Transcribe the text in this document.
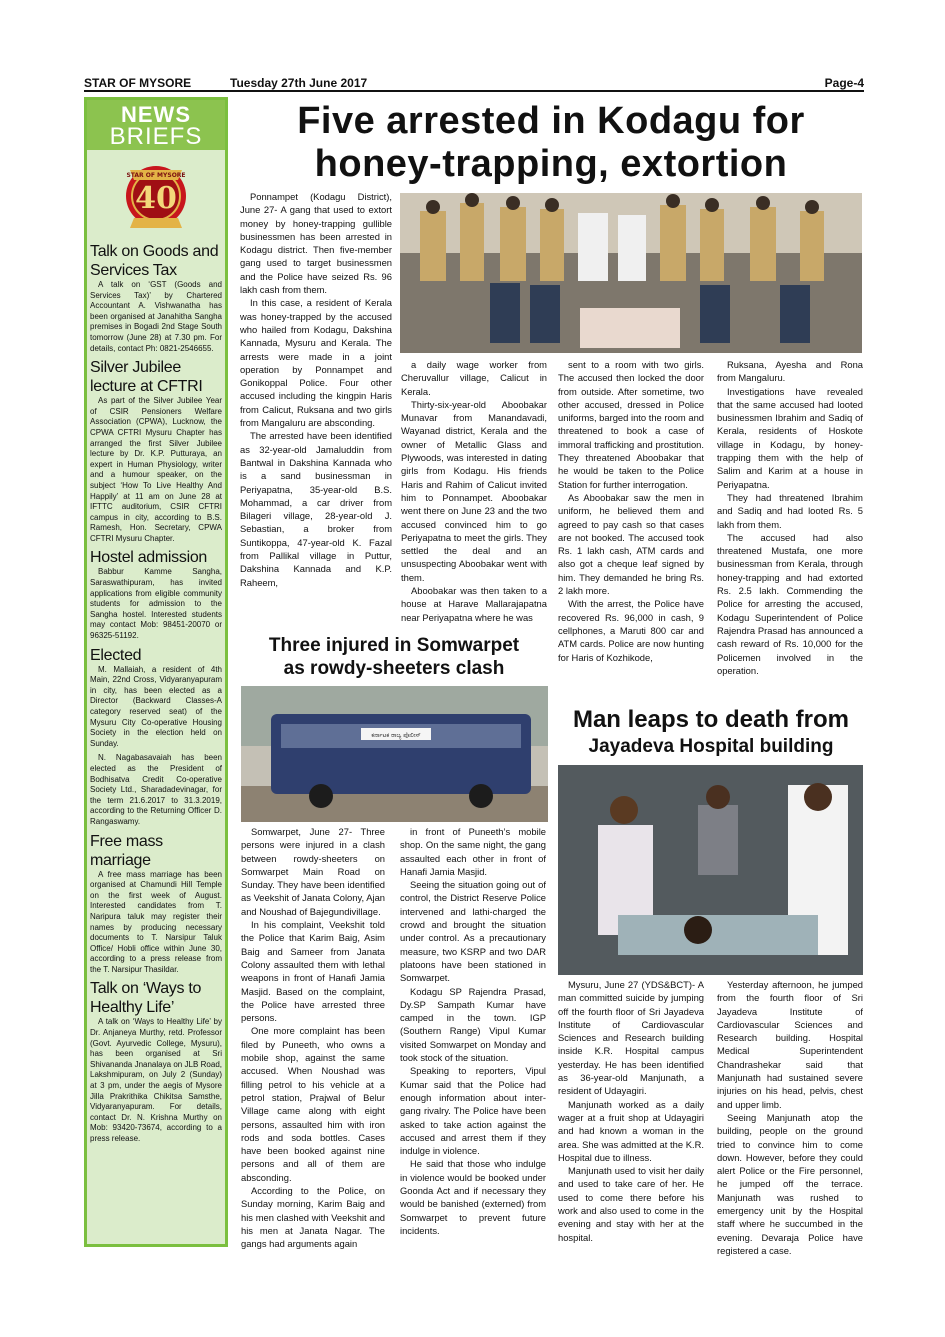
STAR OF MYSORE	Tuesday 27th June 2017	Page-4
NEWS
BRIEFS
STAR OF MYSORE
40
Talk on Goods and Services Tax
A talk on ‘GST (Goods and Services Tax)’ by Chartered Accountant A. Vishwanatha has been organised at Janahitha Sangha premises in Bogadi 2nd Stage South tomorrow (June 28) at 7.30 pm. For details, contact Ph: 0821-2546655.
Silver Jubilee lecture at CFTRI
As part of the Silver Jubilee Year of CSIR Pensioners Welfare Association (CPWA), Lucknow, the CPWA CFTRI Mysuru Chapter has arranged the first Silver Jubilee lecture by Dr. K.P. Putturaya, an expert in Human Physiology, writer and a humour speaker, on the subject ‘How To Live Healthy And Happily’ at 11 am on June 28 at IFTTC auditorium, CSIR CFTRI campus in city, according to B.S. Ramesh, Hon. Secretary, CPWA CFTRI Mysuru Chapter.
Hostel admission
Babbur Kamme Sangha, Saraswathipuram, has invited applications from eligible community students for admission to the Sangha hostel. Interested students may contact Mob: 98451-20070 or 96325-51192.
Elected
M. Mallaiah, a resident of 4th Main, 22nd Cross, Vidyaranyapuram in city, has been elected as a Director (Backward Classes-A category reserved seat) of the Mysuru City Co-operative Housing Society in the election held on Sunday.
N. Nagabasavaiah has been elected as the President of Bodhisatva Credit Co-operative Society Ltd., Sharadadevinagar, for the term 21.6.2017 to 31.3.2019, according to the Returning Officer D. Rangaswamy.
Free mass marriage
A free mass marriage has been organised at Chamundi Hill Temple on the first week of August. Interested candidates from T. Naripura taluk may register their names by producing necessary documents to T. Narsipur Taluk Office/ Hobli office within June 30, according to a press release from the T. Narsipur Thasildar.
Talk on ‘Ways to Healthy Life’
A talk on ‘Ways to Healthy Life’ by Dr. Anjaneya Murthy, retd. Professor (Govt. Ayurvedic College, Mysuru), has been organised at Sri Shivananda Jnanalaya on JLB Road, Lakshmipuram, on July 2 (Sunday) at 3 pm, under the aegis of Mysore Jilla Prakrithika Chikitsa Samsthe, Vidyaranyapuram. For details, contact Dr. N. Krishna Murthy on Mob: 93420-73674, according to a press release.
Five arrested in Kodagu for
honey-trapping, extortion

Ponnampet (Kodagu District), June 27- A gang that used to extort money by honey-trapping gullible businessmen has been arrested in Kodagu district. Then five-member gang used to target businessmen and the Police have seized Rs. 96 lakh cash from them.

In this case, a resident of Kerala was honey-trapped by the accused who hailed from Kodagu, Dakshina Kannada, Mysuru and Kerala. The arrests were made in a joint operation by Ponnampet and Gonikoppal Police. Four other accused including the kingpin Haris from Calicut, Ruksana and two girls from Mangaluru are absconding.

The arrested have been identified as 32-year-old Jamaluddin from Bantwal in Dakshina Kannada who is a sand businessman in Periyapatna, 35-year-old B.S. Mohammad, a car driver from Bilageri village, 28-year-old J. Sebastian, a broker from Suntikoppa, 47-year-old K. Fazal from Pallikal village in Puttur, Dakshina Kannada and K.P. Raheem,

a daily wage worker from Cheruvallur village, Calicut in Kerala.

Thirty-six-year-old Aboobakar Munavar from Manandavadi, Wayanad district, Kerala and the owner of Metallic Glass and Plywoods, was interested in dating girls from Kodagu. His friends Haris and Rahim of Calicut invited him to Ponnampet. Aboobakar went there on June 23 and the two accused convinced him to go Periyapatna to meet the girls. They settled the deal and an unsuspecting Aboobakar went with them.

Aboobakar was then taken to a house at Harave Mallarajapatna near Periyapatna where he was

sent to a room with two girls. The accused then locked the door from outside. After sometime, two other accused, dressed in Police uniforms, barged into the room and threatened to book a case of immoral trafficking and prostitution. They threatened Aboobakar that he would be taken to the Police Station for further interrogation.

As Aboobakar saw the men in uniform, he believed them and agreed to pay cash so that cases are not booked. The accused took Rs. 1 lakh cash, ATM cards and also got a cheque leaf signed by him. They demanded he bring Rs. 2 lakh more.

With the arrest, the Police have recovered Rs. 96,000 in cash, 9 cellphones, a Maruti 800 car and ATM cards. Police are now hunting for Haris of Kozhikode,

Ruksana, Ayesha and Rona from Mangaluru.

Investigations have revealed that the same accused had looted businessmen Ibrahim and Sadiq of Kerala, residents of Hoskote village in Kodagu, by honey-trapping them with the help of Salim and Karim at a house in Periyapatna.

They had threatened Ibrahim and Sadiq and had looted Rs. 5 lakh from them.

The accused had also threatened Mustafa, one more businessman from Kerala, through honey-trapping and had extorted Rs. 2.5 lakh. Commending the Police for arresting the accused, Kodagu Superintendent of Police Rajendra Prasad has announced a cash reward of Rs. 10,000 for the Policemen involved in the operation.

Three injured in Somwarpet
as rowdy-sheeters clash
ಕರ್ನಾಟಕ ರಾಜ್ಯ ಪೊಲೀಸ್

Somwarpet, June 27- Three persons were injured in a clash between rowdy-sheeters on Somwarpet Main Road on Sunday. They have been identified as Veekshit of Janata Colony, Ajan and Noushad of Bajegundivillage.

In his complaint, Veekshit told the Police that Karim Baig, Asim Baig and Sameer from Janata Colony assaulted them with lethal weapons in front of Hanafi Jamia Masjid. Based on the complaint, the Police have arrested three persons.

One more complaint has been filed by Puneeth, who owns a mobile shop, against the same accused. When Noushad was filling petrol to his vehicle at a petrol station, Prajwal of Belur Village came along with eight persons, assaulted him with iron rods and soda bottles. Cases have been booked against nine persons and all of them are absconding.

According to the Police, on Sunday morning, Karim Baig and his men clashed with Veekshit and his men at Janata Nagar. The gangs had arguments again

in front of Puneeth’s mobile shop. On the same night, the gang assaulted each other in front of Hanafi Jamia Masjid.

Seeing the situation going out of control, the District Reserve Police intervened and lathi-charged the crowd and brought the situation under control. As a precautionary measure, two KSRP and two DAR platoons have been stationed in Somwarpet.

Kodagu SP Rajendra Prasad, Dy.SP Sampath Kumar have camped in the town. IGP (Southern Range) Vipul Kumar visited Somwarpet on Monday and took stock of the situation.

Speaking to reporters, Vipul Kumar said that the Police had enough information about inter-gang rivalry. The Police have been asked to take action against the accused and arrest them if they indulge in violence.

He said that those who indulge in violence would be booked under Goonda Act and if necessary they would be banished (externed) from Somwarpet to prevent future incidents.

Man leaps to death from
Jayadeva Hospital building

Mysuru, June 27 (YDS&BCT)- A man committed suicide by jumping off the fourth floor of Sri Jayadeva Institute of Cardiovascular Sciences and Research building inside K.R. Hospital campus yesterday. He has been identified as 36-year-old Manjunath, a resident of Udayagiri.

Manjunath worked as a daily wager at a fruit shop at Udayagiri and had known a woman in the area. She was admitted at the K.R. Hospital due to illness.

Manjunath used to visit her daily and used to take care of her. He used to come there before his work and also used to come in the evening and stay with her at the hospital.

Yesterday afternoon, he jumped from the fourth floor of Sri Jayadeva Institute of Cardiovascular Sciences and Research building. Hospital Medical Superintendent Chandrashekar said that Manjunath had sustained severe injuries on his head, pelvis, chest and upper limb.

Seeing Manjunath atop the building, people on the ground tried to convince him to come down. However, before they could alert Police or the Fire personnel, he jumped off the terrace. Manjunath was rushed to emergency unit by the Hospital staff where he succumbed in the evening. Devaraja Police have registered a case.
